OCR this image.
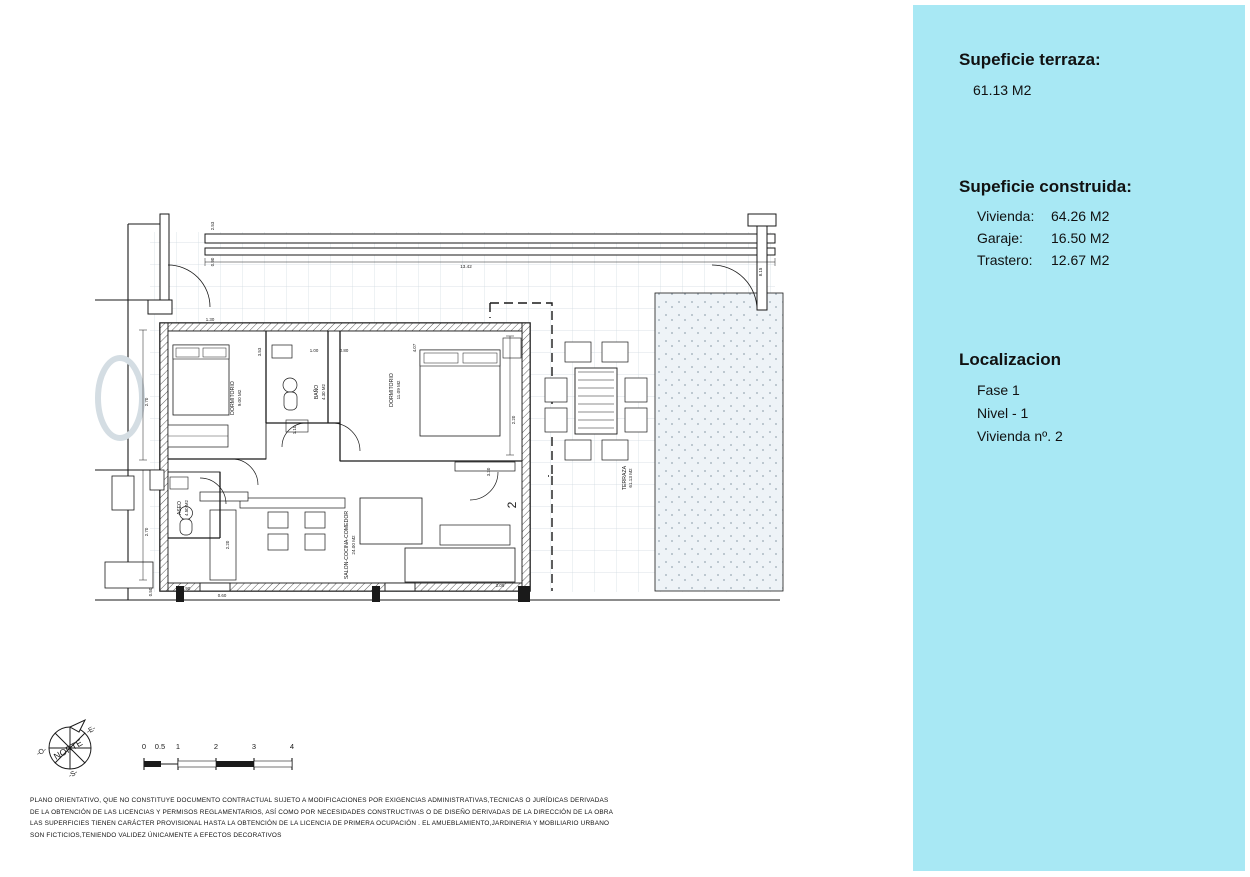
DORMITORIO 9.00 M2	BAÑO 4.30 M2	DORMITORIO 11.09 M2
ASEO 4.50 M2
SALON-COCINA-COMEDOR 24.00 M2
TERRAZA 61.13 M2
2
13.42
2.70
2.70
2.20
2.20
3.30
4.07
3.53
1.10
2.53
0.90
8.15
1.30
0.50
2.09
1.00	0.80
0.90
0.60
-E-
-O-
-S-
NORTE	0 0.5 1	2	3	4
PLANO ORIENTATIVO, QUE NO CONSTITUYE DOCUMENTO CONTRACTUAL SUJETO A MODIFICACIONES POR EXIGENCIAS ADMINISTRATIVAS,TECNICAS O JURÍDICAS DERIVADAS
DE LA OBTENCIÓN DE LAS LICENCIAS Y PERMISOS REGLAMENTARIOS, ASÍ COMO POR NECESIDADES CONSTRUCTIVAS O DE DISEÑO DERIVADAS DE LA DIRECCIÓN DE LA OBRA
LAS SUPERFICIES TIENEN CARÁCTER PROVISIONAL HASTA LA OBTENCIÓN DE LA LICENCIA DE PRIMERA OCUPACIÓN . EL AMUEBLAMIENTO,JARDINERIA Y MOBILIARIO URBANO
SON FICTICIOS,TENIENDO VALIDEZ ÚNICAMENTE A EFECTOS DECORATIVOS
Supeficie terraza:
61.13 M2
Supeficie construida:
Vivienda:	64.26 M2
Garaje:	16.50 M2
Trastero:	12.67 M2
Localizacion
Fase 1
Nivel - 1
Vivienda nº. 2
